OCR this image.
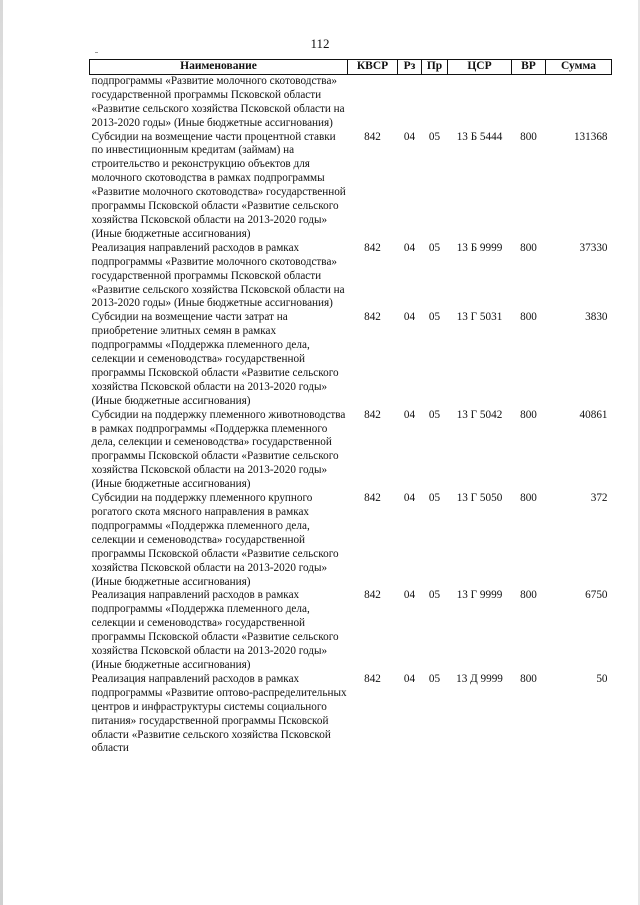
112
Наименование	КВСР	Рз	Пр	ЦСР	ВР	Сумма
подпрограммы «Развитие молочного скотоводства» государственной программы Псковской области «Развитие сельского хозяйства Псковской области на 2013-2020 годы» (Иные бюджетные ассигнования)						
Субсидии на возмещение части процентной ставки по инвестиционным кредитам (займам) на строительство и реконструкцию объектов для молочного скотоводства в рамках подпрограммы «Развитие молочного скотоводства» государственной программы Псковской области «Развитие сельского хозяйства Псковской области на 2013-2020 годы» (Иные бюджетные ассигнования)	842	04	05	13 Б 5444	800	131368
Реализация направлений расходов в рамках подпрограммы «Развитие молочного скотоводства» государственной программы Псковской области «Развитие сельского хозяйства Псковской области на 2013-2020 годы» (Иные бюджетные ассигнования)	842	04	05	13 Б 9999	800	37330
Субсидии на возмещение части затрат на приобретение элитных семян в рамках подпрограммы «Поддержка племенного дела, селекции и семеноводства» государственной программы Псковской области «Развитие сельского хозяйства Псковской области на 2013-2020 годы» (Иные бюджетные ассигнования)	842	04	05	13 Г 5031	800	3830
Субсидии на поддержку племенного животноводства в рамках подпрограммы «Поддержка племенного дела, селекции и семеноводства» государственной программы Псковской области «Развитие сельского хозяйства Псковской области на 2013-2020 годы» (Иные бюджетные ассигнования)	842	04	05	13 Г 5042	800	40861
Субсидии на поддержку племенного крупного рогатого скота мясного направления в рамках подпрограммы «Поддержка племенного дела, селекции и семеноводства» государственной программы Псковской области «Развитие сельского хозяйства Псковской области на 2013-2020 годы» (Иные бюджетные ассигнования)	842	04	05	13 Г 5050	800	372
Реализация направлений расходов в рамках подпрограммы «Поддержка племенного дела, селекции и семеноводства» государственной программы Псковской области «Развитие сельского хозяйства Псковской области на 2013-2020 годы» (Иные бюджетные ассигнования)	842	04	05	13 Г 9999	800	6750
Реализация направлений расходов в рамках подпрограммы «Развитие оптово-распределительных центров и инфраструктуры системы социального питания» государственной программы Псковской области «Развитие сельского хозяйства Псковской области	842	04	05	13 Д 9999	800	50
